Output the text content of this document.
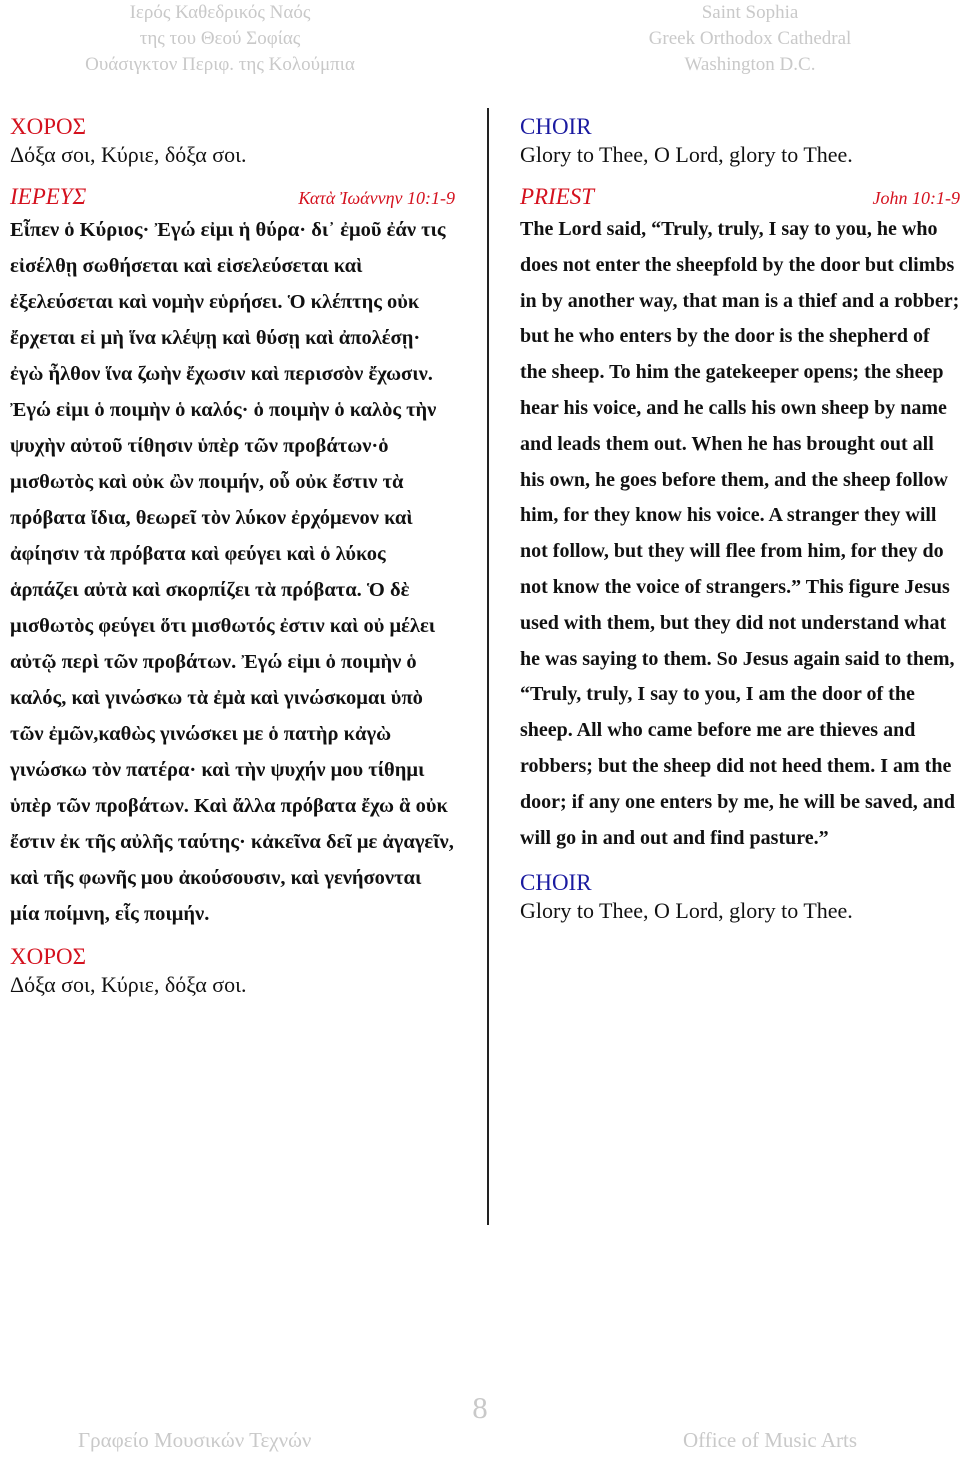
Ιερός Καθεδρικός Ναός
της του Θεού Σοφίας
Ουάσιγκτον Περιφ. της Κολούμπια
Saint Sophia
Greek Orthodox Cathedral
Washington D.C.
ΧΟΡΟΣ
Δόξα σοι, Κύριε, δόξα σοι.
ΙΕΡΕΥΣ	Κατὰ Ἰωάννην 10:1-9
Εἶπεν ὁ Κύριος· Ἐγώ εἰμι ἡ θύρα· δι᾿ ἐμοῦ ἐάν τις εἰσέλθῃ σωθήσεται καὶ εἰσελεύσεται καὶ ἐξελεύσεται καὶ νομὴν εὑρήσει. Ὁ κλέπτης οὐκ ἔρχεται εἰ μὴ ἵνα κλέψῃ καὶ θύσῃ καὶ ἀπολέσῃ· ἐγὼ ἦλθον ἵνα ζωὴν ἔχωσιν καὶ περισσὸν ἔχωσιν. Ἐγώ εἰμι ὁ ποιμὴν ὁ καλός· ὁ ποιμὴν ὁ καλὸς τὴν ψυχὴν αὐτοῦ τίθησιν ὑπὲρ τῶν προβάτων·ὁ μισθωτὸς καὶ οὐκ ὢν ποιμήν, οὗ οὐκ ἔστιν τὰ πρόβατα ἴδια, θεωρεῖ τὸν λύκον ἐρχόμενον καὶ ἀφίησιν τὰ πρόβατα καὶ φεύγει καὶ ὁ λύκος ἁρπάζει αὐτὰ καὶ σκορπίζει τὰ πρόβατα. Ὁ δὲ μισθωτὸς φεύγει ὅτι μισθωτός ἐστιν καὶ οὐ μέλει αὐτῷ περὶ τῶν προβάτων. Ἐγώ εἰμι ὁ ποιμὴν ὁ καλός, καὶ γινώσκω τὰ ἐμὰ καὶ γινώσκομαι ὑπὸ τῶν ἐμῶν,καθὼς γινώσκει με ὁ πατὴρ κἀγὼ γινώσκω τὸν πατέρα· καὶ τὴν ψυχήν μου τίθημι ὑπὲρ τῶν προβάτων. Καὶ ἄλλα πρόβατα ἔχω ἃ οὐκ ἔστιν ἐκ τῆς αὐλῆς ταύτης· κἀκεῖνα δεῖ με ἀγαγεῖν, καὶ τῆς φωνῆς μου ἀκούσουσιν, καὶ γενήσονται μία ποίμνη, εἷς ποιμήν.
ΧΟΡΟΣ
Δόξα σοι, Κύριε, δόξα σοι.
CHOIR
Glory to Thee, O Lord, glory to Thee.
PRIEST	John 10:1-9
The Lord said, “Truly, truly, I say to you, he who does not enter the sheepfold by the door but climbs in by another way, that man is a thief and a robber; but he who enters by the door is the shepherd of the sheep. To him the gatekeeper opens; the sheep hear his voice, and he calls his own sheep by name and leads them out. When he has brought out all his own, he goes before them, and the sheep follow him, for they know his voice. A stranger they will not follow, but they will flee from him, for they do not know the voice of strangers.” This figure Jesus used with them, but they did not understand what he was saying to them. So Jesus again said to them, “Truly, truly, I say to you, I am the door of the sheep. All who came before me are thieves and robbers; but the sheep did not heed them. I am the door; if any one enters by me, he will be saved, and will go in and out and find pasture.”
CHOIR
Glory to Thee, O Lord, glory to Thee.
8
Γραφείο Μουσικών Τεχνών	Office of Music Arts
